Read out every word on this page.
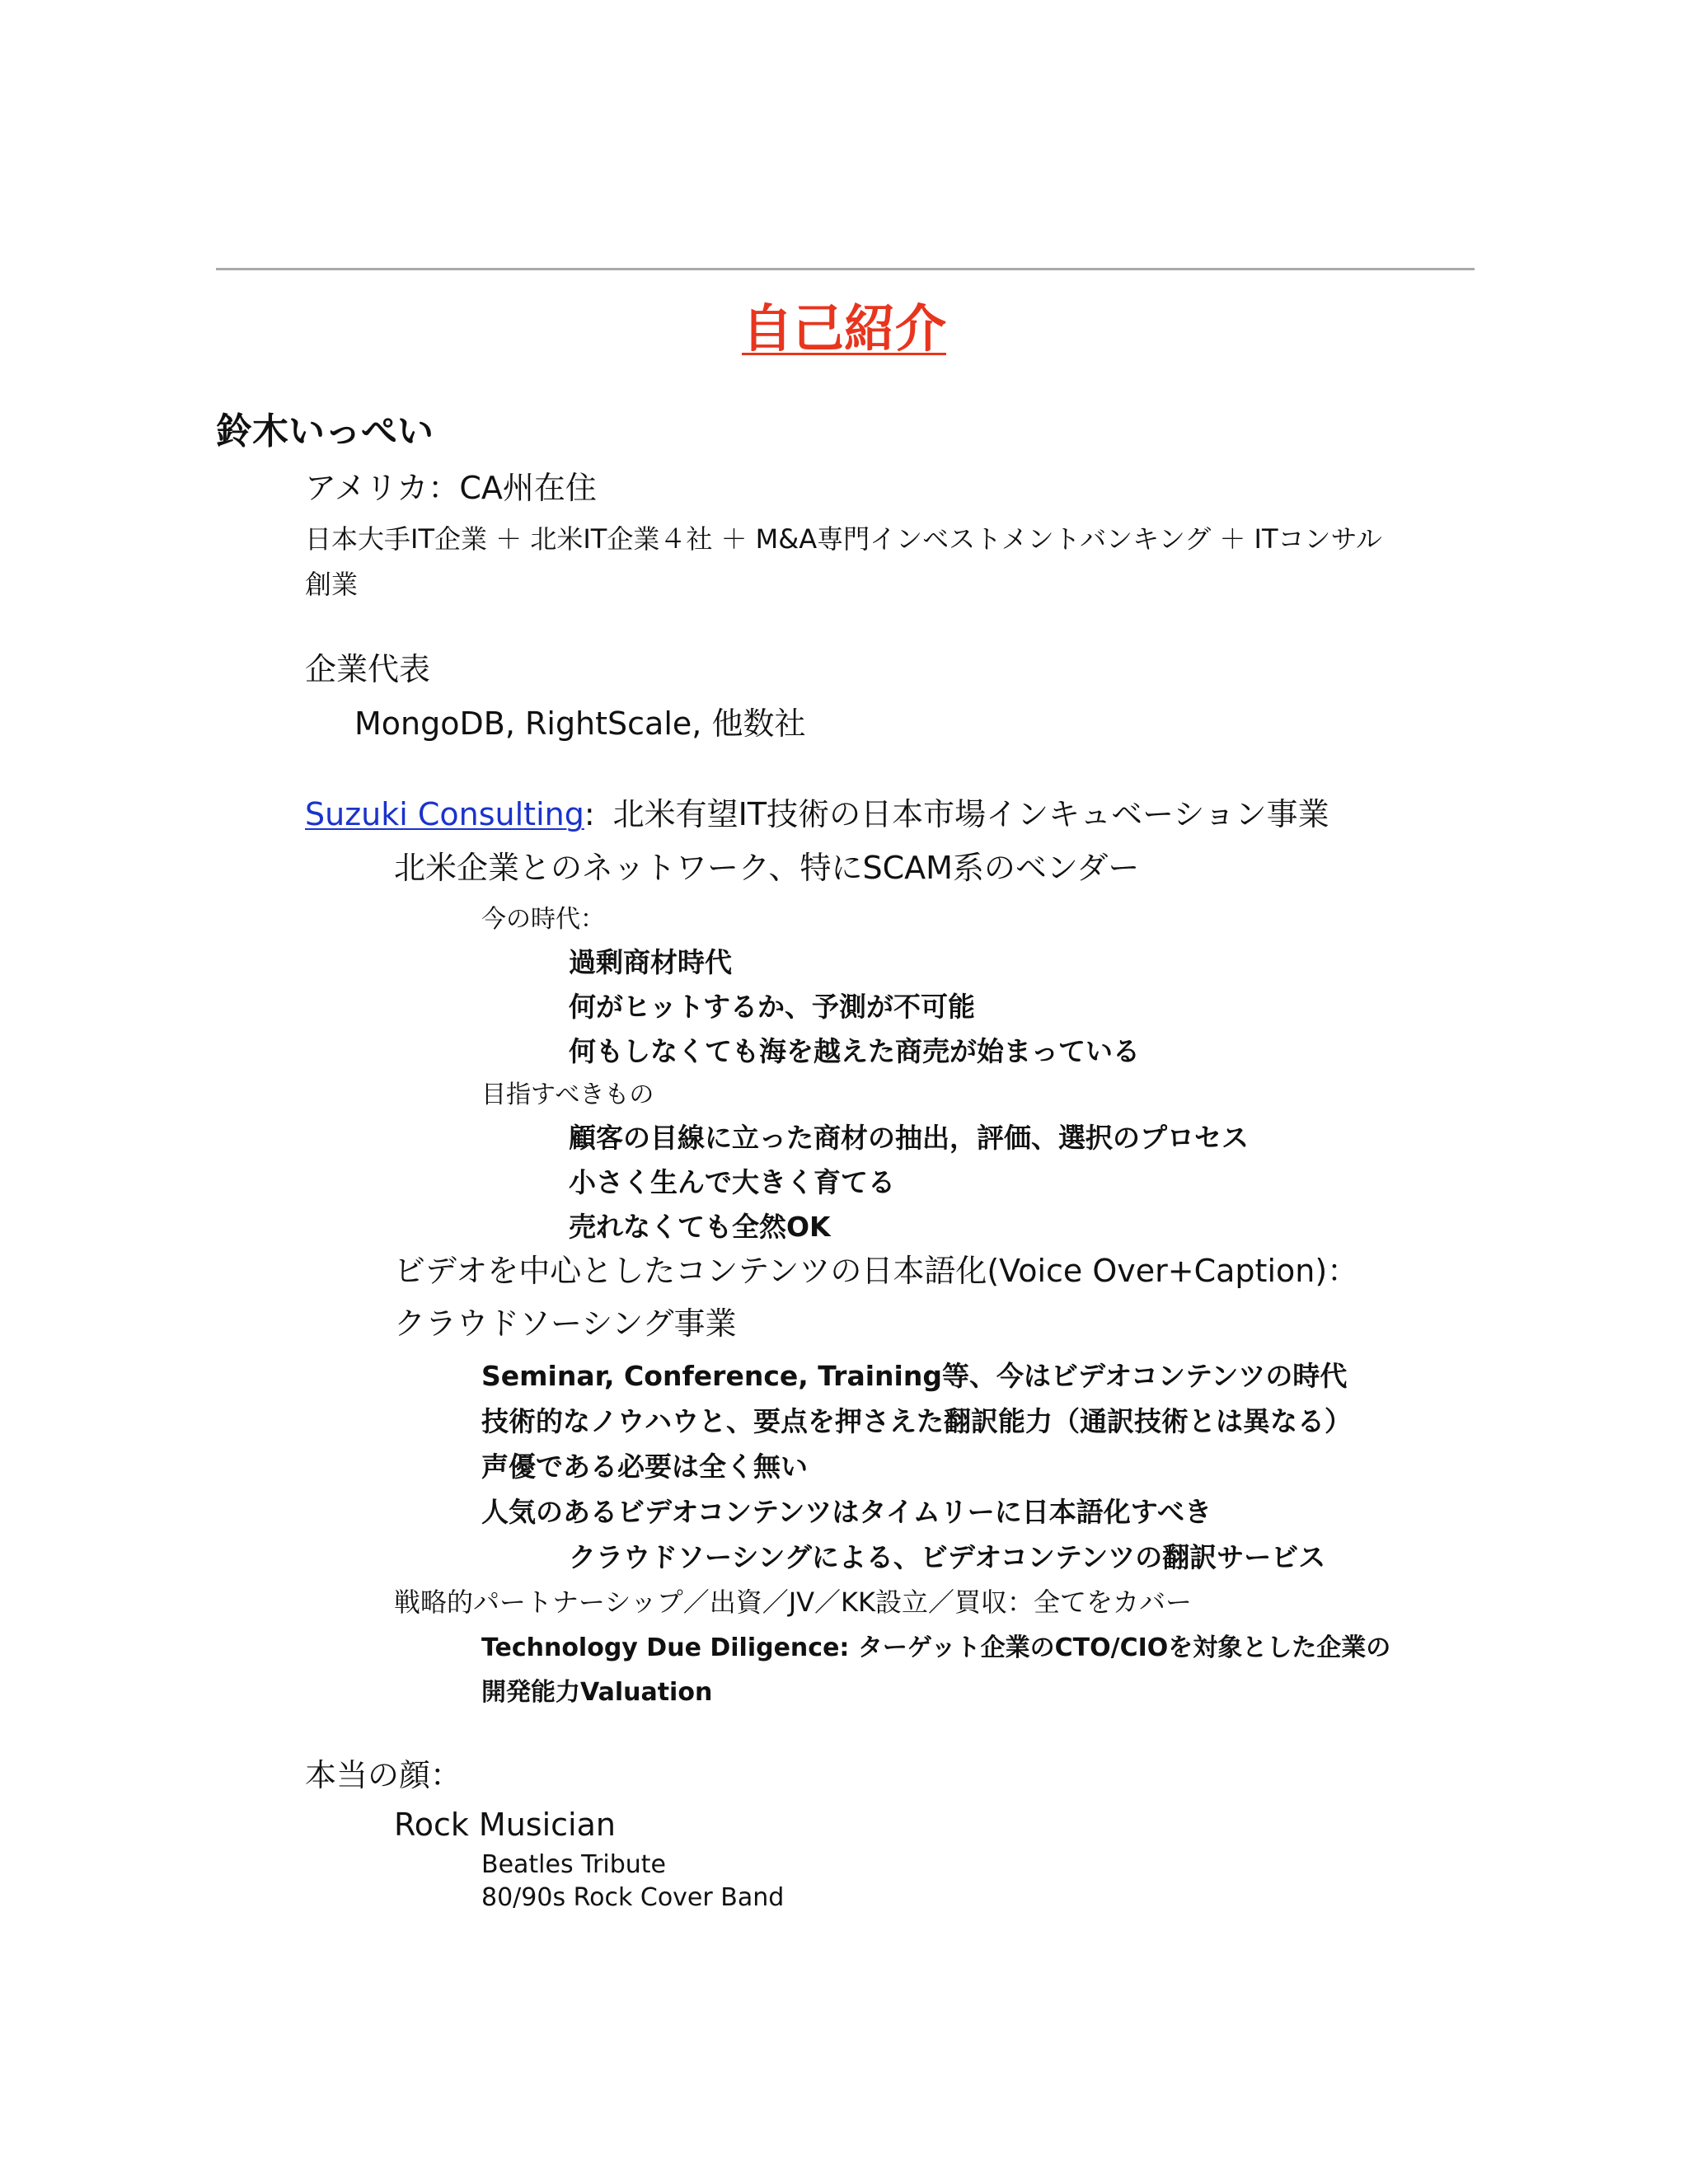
自己紹介
鈴木いっぺい
アメリカ：CA州在住
日本大手IT企業 ＋ 北米IT企業４社 ＋ M&A専門インベストメントバンキング ＋ ITコンサル
創業
企業代表
MongoDB, RightScale, 他数社
Suzuki Consulting: 北米有望IT技術の日本市場インキュベーション事業
北米企業とのネットワーク、特にSCAM系のベンダー
今の時代：
過剰商材時代
何がヒットするか、予測が不可能
何もしなくても海を越えた商売が始まっている
目指すべきもの
顧客の目線に立った商材の抽出，評価、選択のプロセス
小さく生んで大きく育てる
売れなくても全然OK
ビデオを中心としたコンテンツの日本語化(Voice Over+Caption)：
クラウドソーシング事業
Seminar, Conference, Training等、今はビデオコンテンツの時代
技術的なノウハウと、要点を押さえた翻訳能力（通訳技術とは異なる）
声優である必要は全く無い
人気のあるビデオコンテンツはタイムリーに日本語化すべき
クラウドソーシングによる、ビデオコンテンツの翻訳サービス
戦略的パートナーシップ／出資／JV／KK設立／買収：全てをカバー
Technology Due Diligence: ターゲット企業のCTO/CIOを対象とした企業の
開発能力Valuation
本当の顔：
Rock Musician
Beatles Tribute
80/90s Rock Cover Band
